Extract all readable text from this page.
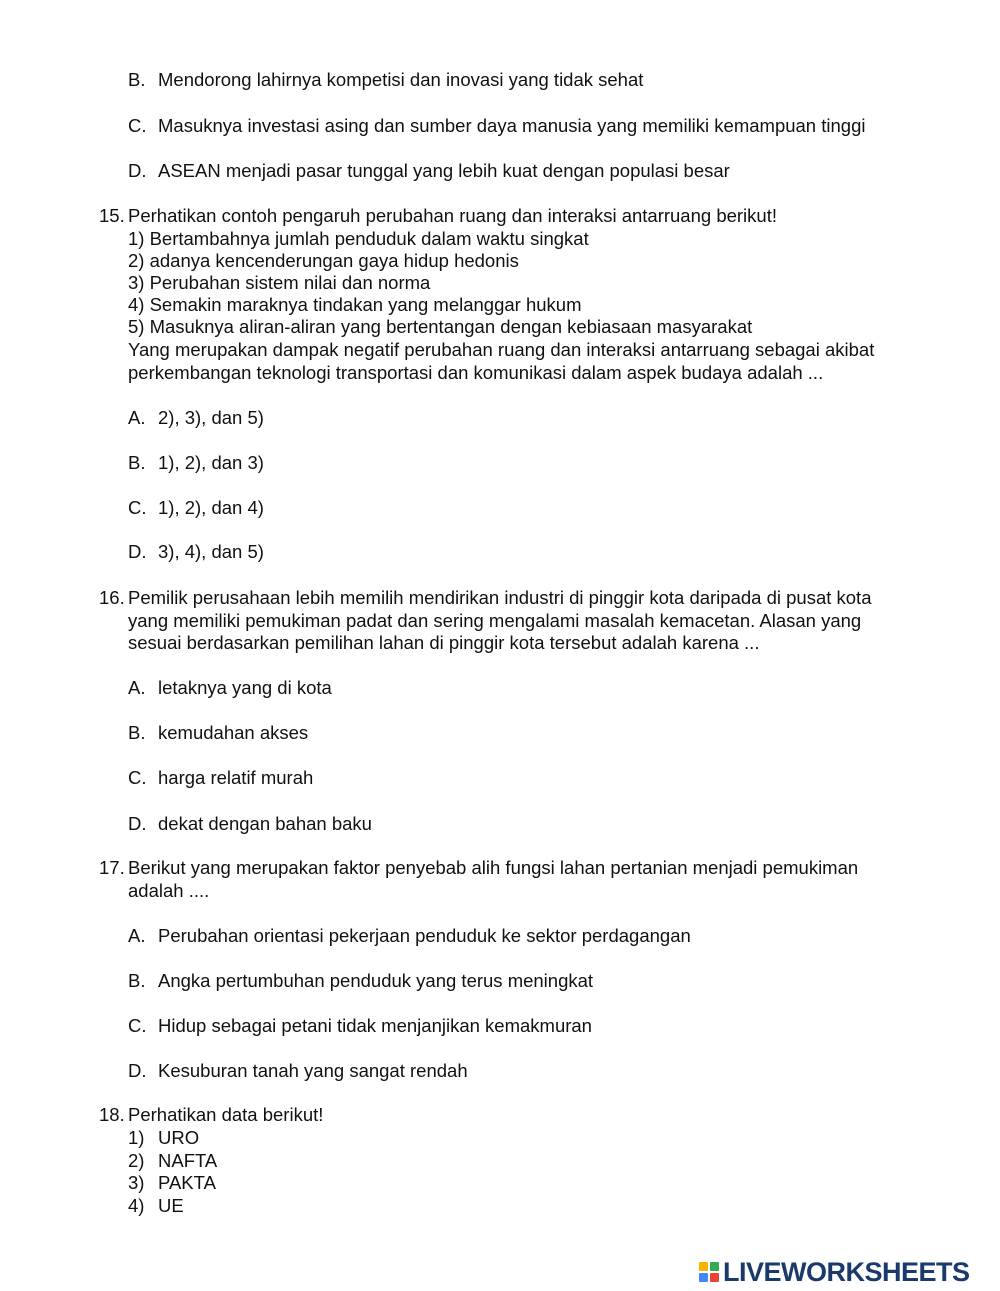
B. Mendorong lahirnya kompetisi dan inovasi yang tidak sehat
C. Masuknya investasi asing dan sumber daya manusia yang memiliki kemampuan tinggi
D. ASEAN menjadi pasar tunggal yang lebih kuat dengan populasi besar
15. Perhatikan contoh pengaruh perubahan ruang dan interaksi antarruang berikut!
1) Bertambahnya jumlah penduduk dalam waktu singkat
2) adanya kencenderungan gaya hidup hedonis
3) Perubahan sistem nilai dan norma
4) Semakin maraknya tindakan yang melanggar hukum
5) Masuknya aliran-aliran yang bertentangan dengan kebiasaan masyarakat
Yang merupakan dampak negatif perubahan ruang dan interaksi antarruang sebagai akibat
perkembangan teknologi transportasi dan komunikasi dalam aspek budaya adalah ...
A. 2), 3), dan 5)
B. 1), 2), dan 3)
C. 1), 2), dan 4)
D. 3), 4), dan 5)
16. Pemilik perusahaan lebih memilih mendirikan industri di pinggir kota daripada di pusat kota
yang memiliki pemukiman padat dan sering mengalami masalah kemacetan. Alasan yang
sesuai berdasarkan pemilihan lahan di pinggir kota tersebut adalah karena ...
A. letaknya yang di kota
B. kemudahan akses
C. harga relatif murah
D. dekat dengan bahan baku
17. Berikut yang merupakan faktor penyebab alih fungsi lahan pertanian menjadi pemukiman
adalah ....
A. Perubahan orientasi pekerjaan penduduk ke sektor perdagangan
B. Angka pertumbuhan penduduk yang terus meningkat
C. Hidup sebagai petani tidak menjanjikan kemakmuran
D. Kesuburan tanah yang sangat rendah
18. Perhatikan data berikut!
1) URO
2) NAFTA
3) PAKTA
4) UE
LIVEWORKSHEETS
